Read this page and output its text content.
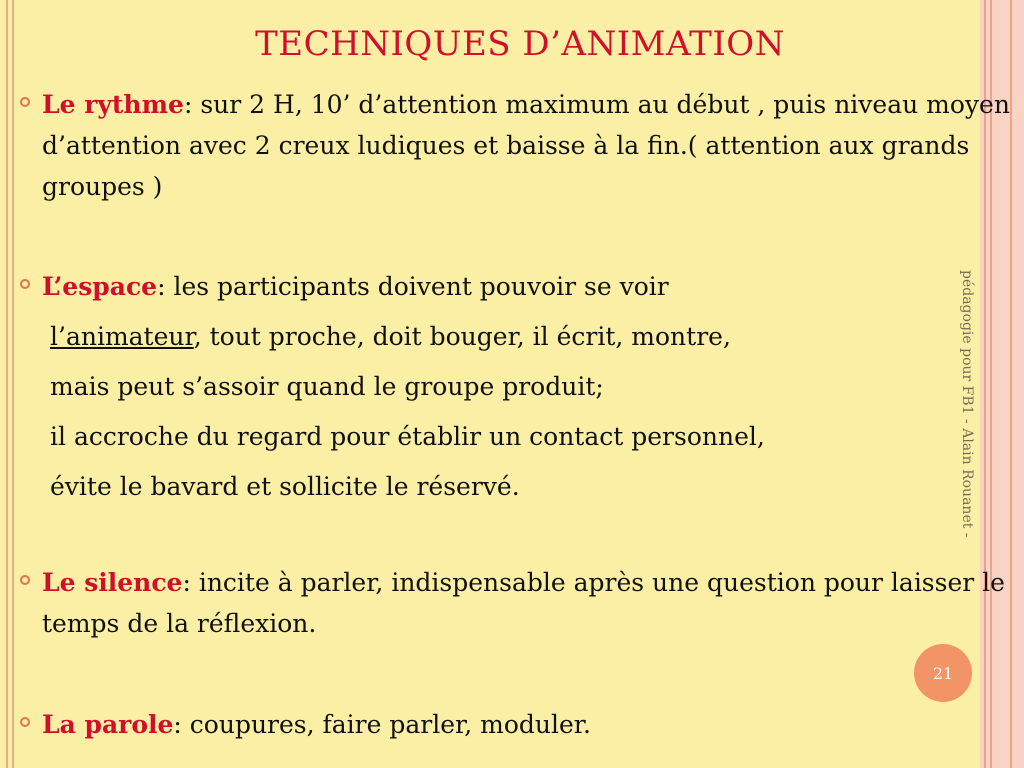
TECHNIQUES D’ANIMATION
Le rythme: sur 2 H, 10’ d’attention maximum au début , puis niveau moyen d’attention avec 2 creux ludiques et baisse à la fin.( attention aux grands groupes )
L’espace: les participants doivent pouvoir se voir
l’animateur, tout proche, doit bouger, il écrit, montre,
mais peut s’assoir quand le groupe produit;
il accroche du regard pour établir un contact personnel,
évite le bavard et sollicite le réservé.
Le silence: incite à parler, indispensable après une question pour laisser le temps de la réflexion.
La parole: coupures, faire parler, moduler.
pédagogie pour FB1 - Alain Rouanet -
21
